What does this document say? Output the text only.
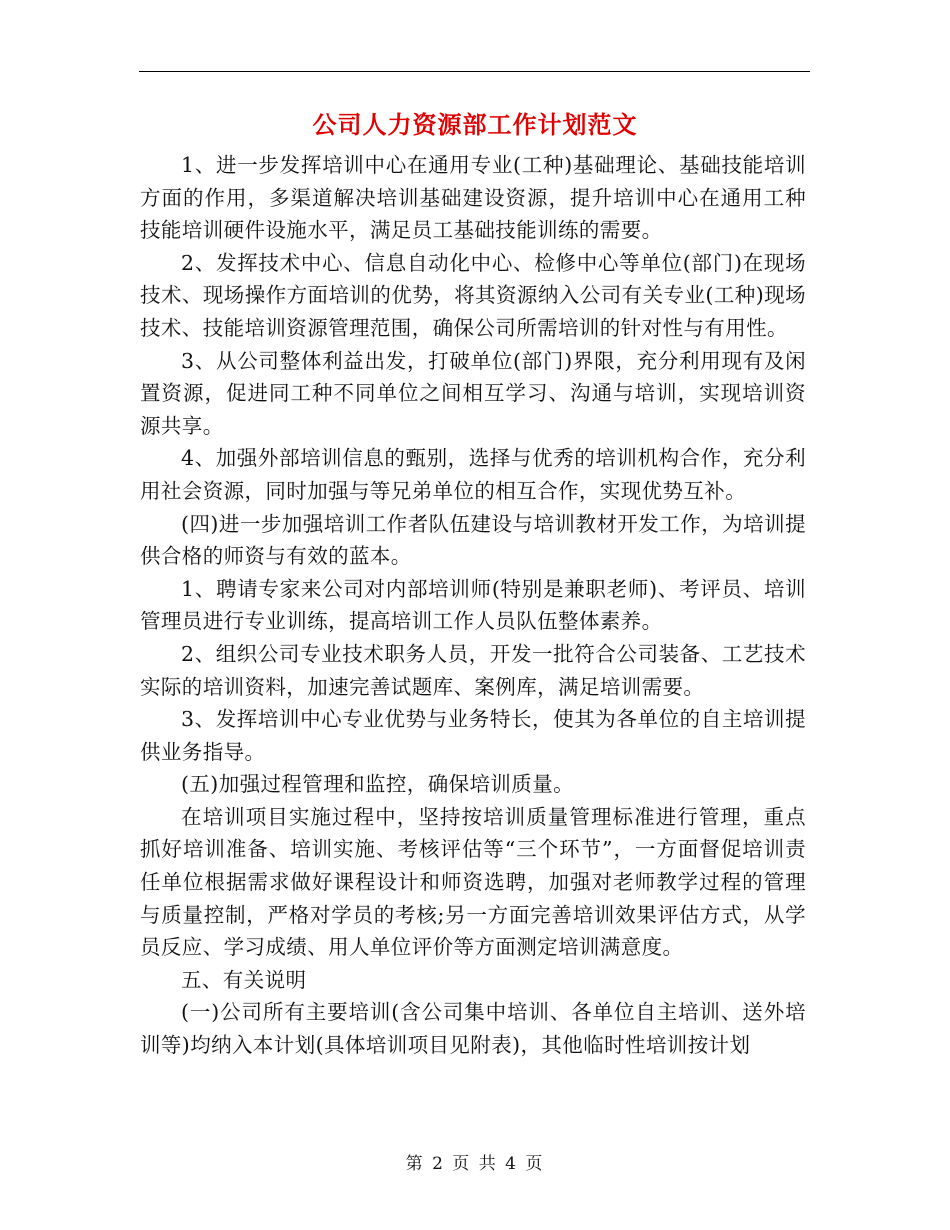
公司人力资源部工作计划范文

1、进一步发挥培训中心在通用专业(工种)基础理论、基础技能培训方面的作用，多渠道解决培训基础建设资源，提升培训中心在通用工种技能培训硬件设施水平，满足员工基础技能训练的需要。

2、发挥技术中心、信息自动化中心、检修中心等单位(部门)在现场技术、现场操作方面培训的优势，将其资源纳入公司有关专业(工种)现场技术、技能培训资源管理范围，确保公司所需培训的针对性与有用性。

3、从公司整体利益出发，打破单位(部门)界限，充分利用现有及闲置资源，促进同工种不同单位之间相互学习、沟通与培训，实现培训资源共享。

4、加强外部培训信息的甄别，选择与优秀的培训机构合作，充分利用社会资源，同时加强与等兄弟单位的相互合作，实现优势互补。

(四)进一步加强培训工作者队伍建设与培训教材开发工作，为培训提供合格的师资与有效的蓝本。

1、聘请专家来公司对内部培训师(特别是兼职老师)、考评员、培训管理员进行专业训练，提高培训工作人员队伍整体素养。

2、组织公司专业技术职务人员，开发一批符合公司装备、工艺技术实际的培训资料，加速完善试题库、案例库，满足培训需要。

3、发挥培训中心专业优势与业务特长，使其为各单位的自主培训提供业务指导。

(五)加强过程管理和监控，确保培训质量。

在培训项目实施过程中，坚持按培训质量管理标准进行管理，重点抓好培训准备、培训实施、考核评估等“三个环节”，一方面督促培训责任单位根据需求做好课程设计和师资选聘，加强对老师教学过程的管理与质量控制，严格对学员的考核;另一方面完善培训效果评估方式，从学员反应、学习成绩、用人单位评价等方面测定培训满意度。

五、有关说明

(一)公司所有主要培训(含公司集中培训、各单位自主培训、送外培训等)均纳入本计划(具体培训项目见附表)，其他临时性培训按计划

第 2 页 共 4 页
